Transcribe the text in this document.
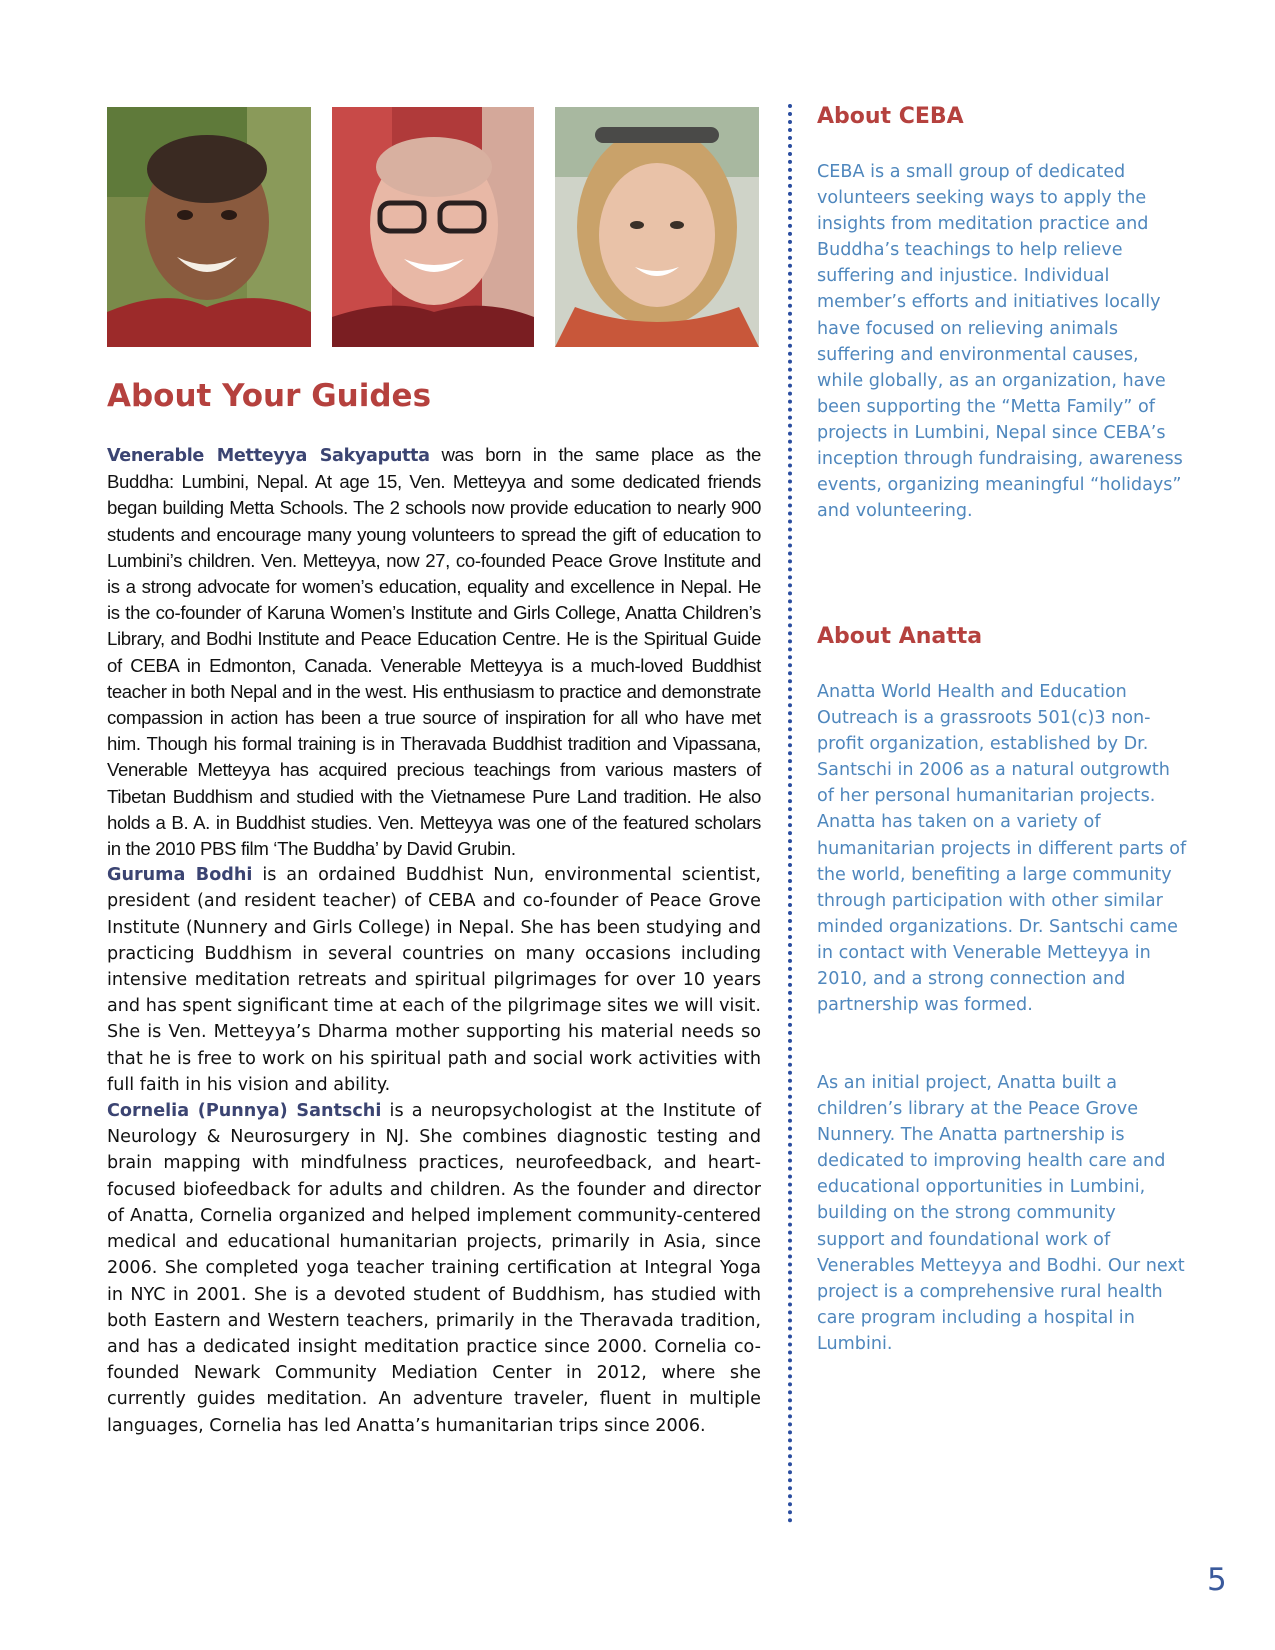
About Your Guides

Venerable Metteyya Sakyaputta was born in the same place as the Buddha: Lumbini, Nepal. At age 15, Ven. Metteyya and some dedicated friends began building Metta Schools. The 2 schools now provide education to nearly 900 students and encourage many young volunteers to spread the gift of education to Lumbini’s children. Ven. Metteyya, now 27, co-founded Peace Grove Institute and is a strong advocate for women’s education, equality and excellence in Nepal. He is the co-founder of Karuna Women’s Institute and Girls College, Anatta Children’s Library, and Bodhi Institute and Peace Education Centre. He is the Spiritual Guide of CEBA in Edmonton, Canada. Venerable Metteyya is a much-loved Buddhist teacher in both Nepal and in the west. His enthusiasm to practice and demonstrate compassion in action has been a true source of inspiration for all who have met him. Though his formal training is in Theravada Buddhist tradition and Vipassana, Venerable Metteyya has acquired precious teachings from various masters of Tibetan Buddhism and studied with the Vietnamese Pure Land tradition. He also holds a B. A. in Buddhist studies. Ven. Metteyya was one of the featured scholars in the 2010 PBS film ‘The Buddha’ by David Grubin.

Guruma Bodhi is an ordained Buddhist Nun, environmental scientist, president (and resident teacher) of CEBA and co-founder of Peace Grove Institute (Nunnery and Girls College) in Nepal. She has been studying and practicing Buddhism in several countries on many occasions including intensive meditation retreats and spiritual pilgrimages for over 10 years and has spent significant time at each of the pilgrimage sites we will visit. She is Ven. Metteyya’s Dharma mother supporting his material needs so that he is free to work on his spiritual path and social work activities with full faith in his vision and ability.

Cornelia (Punnya) Santschi is a neuropsychologist at the Institute of Neurology & Neurosurgery in NJ. She combines diagnostic testing and brain mapping with mindfulness practices, neurofeedback, and heart-focused biofeedback for adults and children. As the founder and director of Anatta, Cornelia organized and helped implement community-centered medical and educational humanitarian projects, primarily in Asia, since 2006. She completed yoga teacher training certification at Integral Yoga in NYC in 2001. She is a devoted student of Buddhism, has studied with both Eastern and Western teachers, primarily in the Theravada tradition, and has a dedicated insight meditation practice since 2000. Cornelia co-founded Newark Community Mediation Center in 2012, where she currently guides meditation. An adventure traveler, fluent in multiple languages, Cornelia has led Anatta’s humanitarian trips since 2006.

About CEBA

CEBA is a small group of dedicated volunteers seeking ways to apply the insights from meditation practice and Buddha’s teachings to help relieve suffering and injustice. Individual member’s efforts and initiatives locally have focused on relieving animals suffering and environmental causes, while globally, as an organization, have been supporting the “Metta Family” of projects in Lumbini, Nepal since CEBA’s inception through fundraising, awareness events, organizing meaningful “holidays” and volunteering.

About Anatta

Anatta World Health and Education Outreach is a grassroots 501(c)3 non-profit organization, established by Dr. Santschi in 2006 as a natural outgrowth of her personal humanitarian projects. Anatta has taken on a variety of humanitarian projects in different parts of the world, benefiting a large community through participation with other similar minded organizations. Dr. Santschi came in contact with Venerable Metteyya in 2010, and a strong connection and partnership was formed.

As an initial project, Anatta built a children’s library at the Peace Grove Nunnery. The Anatta partnership is dedicated to improving health care and educational opportunities in Lumbini, building on the strong community support and foundational work of Venerables Metteyya and Bodhi. Our next project is a comprehensive rural health care program including a hospital in Lumbini.

5
